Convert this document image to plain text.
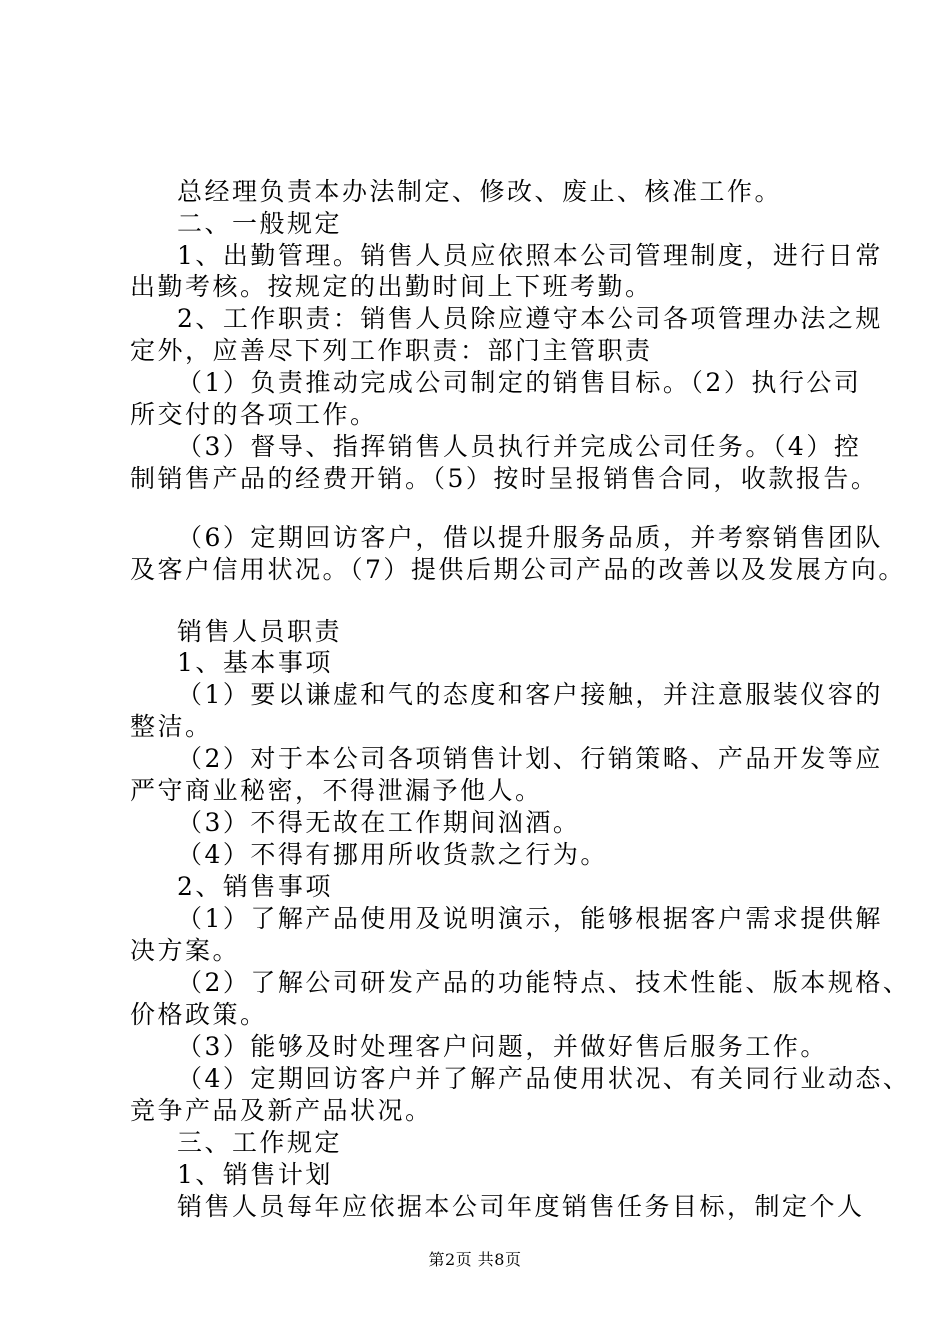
总经理负责本办法制定、修改、废止、核准工作。
二、一般规定
1、出勤管理。销售人员应依照本公司管理制度，进行日常
出勤考核。按规定的出勤时间上下班考勤。
2、工作职责：销售人员除应遵守本公司各项管理办法之规
定外，应善尽下列工作职责：部门主管职责
（1）负责推动完成公司制定的销售目标。（2）执行公司
所交付的各项工作。
（3）督导、指挥销售人员执行并完成公司任务。（4）控
制销售产品的经费开销。（5）按时呈报销售合同，收款报告。
（6）定期回访客户，借以提升服务品质，并考察销售团队
及客户信用状况。（7）提供后期公司产品的改善以及发展方向。
销售人员职责
1、基本事项
（1）要以谦虚和气的态度和客户接触，并注意服装仪容的
整洁。
（2）对于本公司各项销售计划、行销策略、产品开发等应
严守商业秘密，不得泄漏予他人。
（3）不得无故在工作期间汹酒。
（4）不得有挪用所收货款之行为。
2、销售事项
（1）了解产品使用及说明演示，能够根据客户需求提供解
决方案。
（2）了解公司研发产品的功能特点、技术性能、版本规格、
价格政策。
（3）能够及时处理客户问题，并做好售后服务工作。
（4）定期回访客户并了解产品使用状况、有关同行业动态、
竞争产品及新产品状况。
三、工作规定
1、销售计划
销售人员每年应依据本公司年度销售任务目标，制定个人
第2页 共8页
